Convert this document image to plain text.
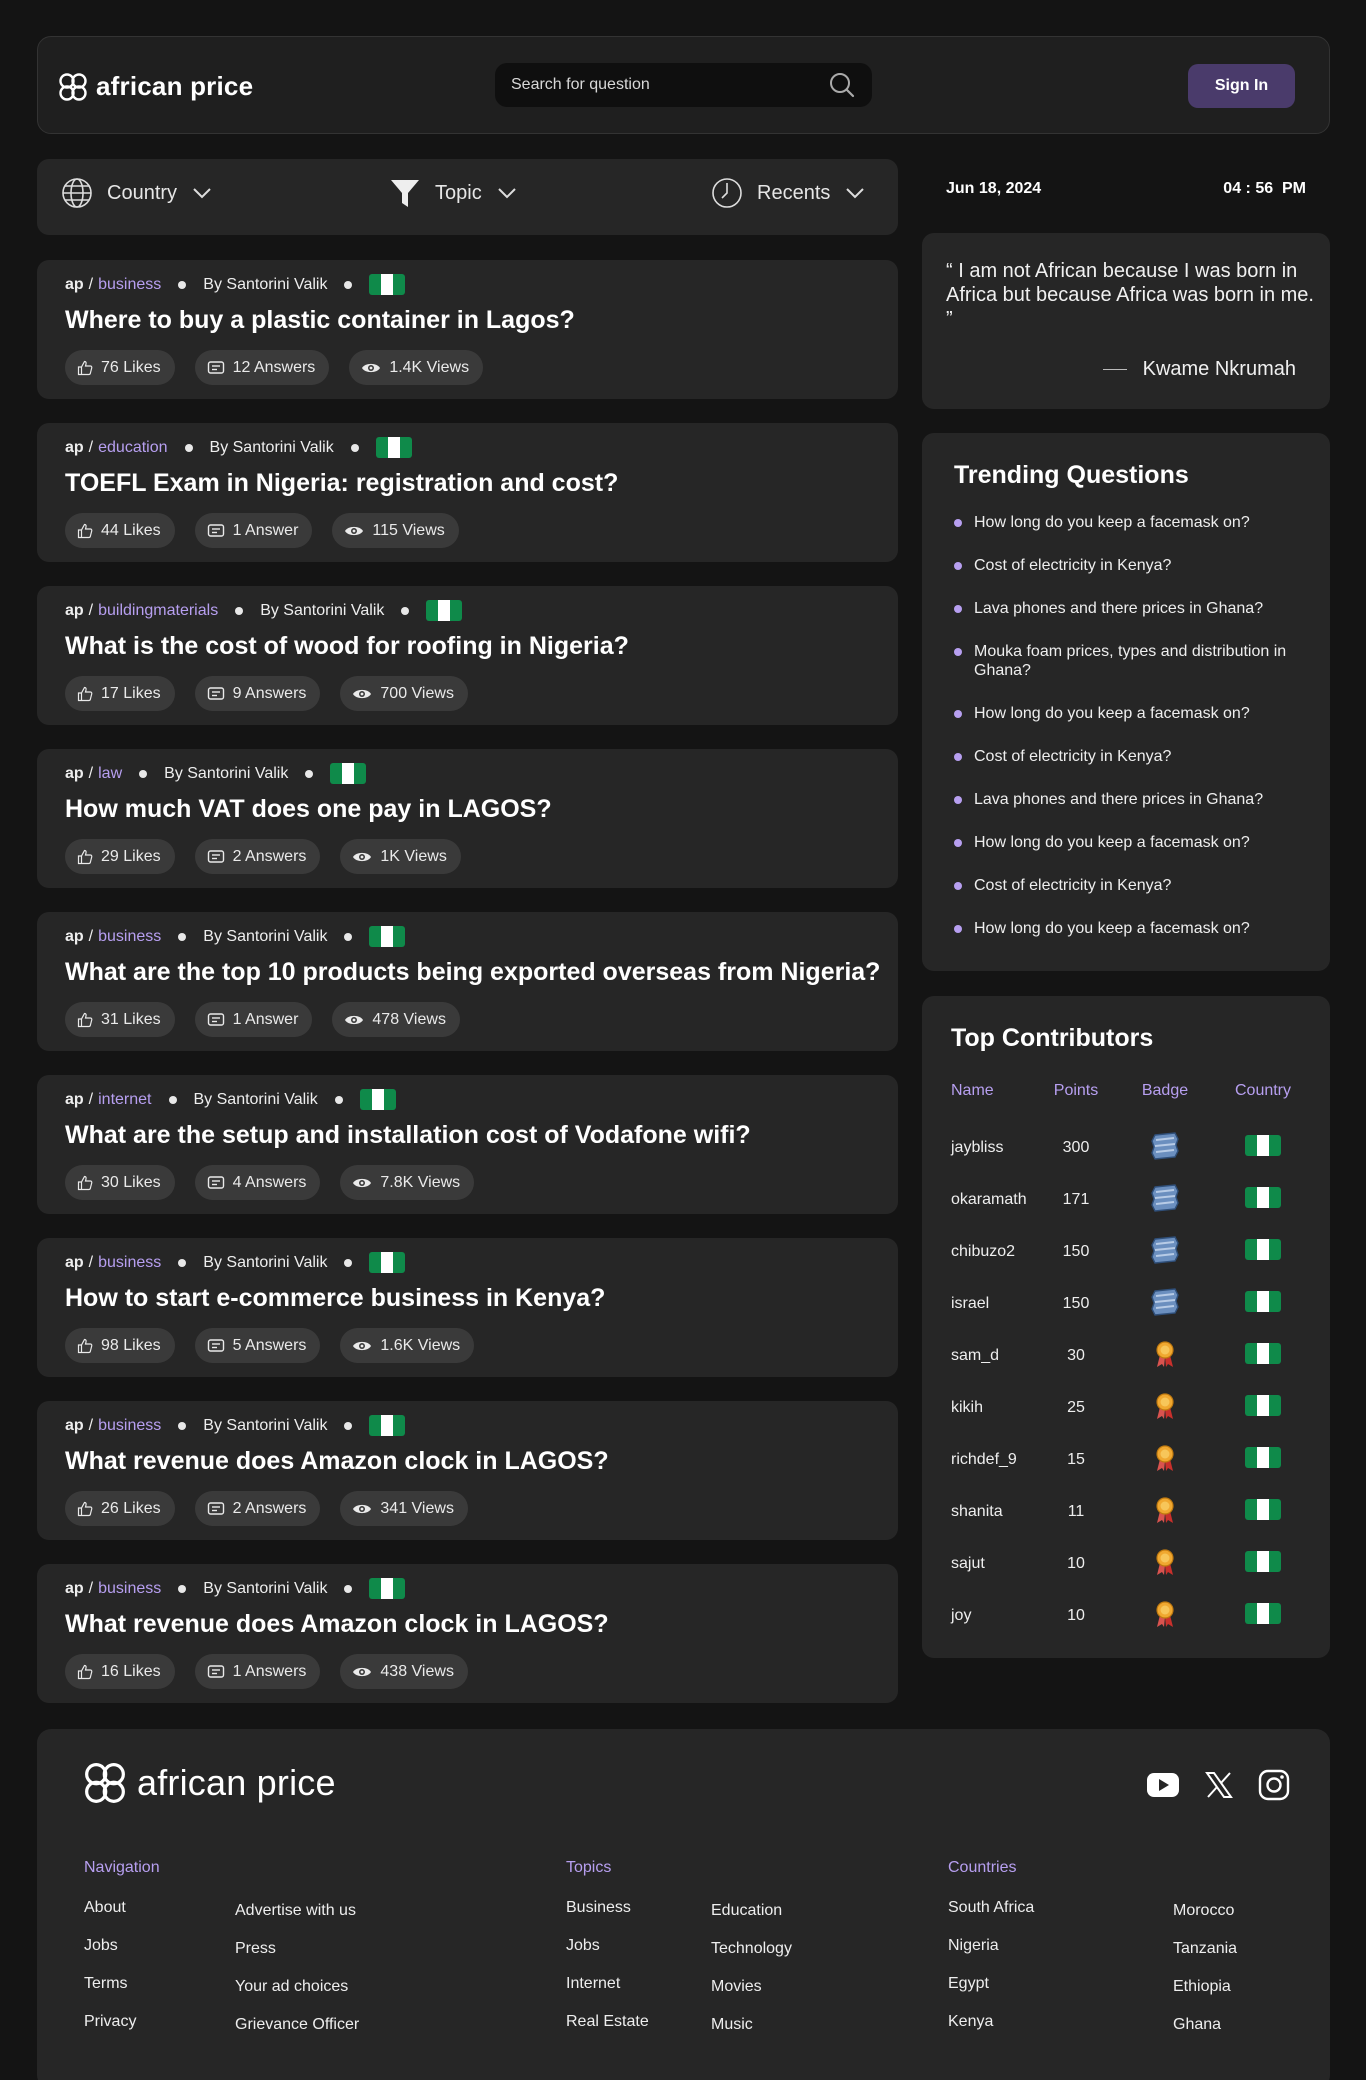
african price	Search for question	Sign In
Country	Topic	Recents
ap / business	By Santorini Valik
Where to buy a plastic container in Lagos?
76 Likes	12 Answers	1.4K Views
ap / education	By Santorini Valik
TOEFL Exam in Nigeria: registration and cost?
44 Likes	1 Answer	115 Views
ap / buildingmaterials	By Santorini Valik
What is the cost of wood for roofing in Nigeria?
17 Likes	9 Answers	700 Views
ap / law	By Santorini Valik
How much VAT does one pay in LAGOS?
29 Likes	2 Answers	1K Views
ap / business	By Santorini Valik
What are the top 10 products being exported overseas from Nigeria?
31 Likes	1 Answer	478 Views
ap / internet	By Santorini Valik
What are the setup and installation cost of Vodafone wifi?
30 Likes	4 Answers	7.8K Views
ap / business	By Santorini Valik
How to start e-commerce business in Kenya?
98 Likes	5 Answers	1.6K Views
ap / business	By Santorini Valik
What revenue does Amazon clock in LAGOS?
26 Likes	2 Answers	341 Views
ap / business	By Santorini Valik
What revenue does Amazon clock in LAGOS?
16 Likes	1 Answers	438 Views
Jun 18, 2024	04 : 56  PM
“ I am not African because I was born in Africa but because Africa was born in me. ”
Kwame Nkrumah
Trending Questions
How long do you keep a facemask on?
Cost of electricity in Kenya?
Lava phones and there prices in Ghana?
Mouka foam prices, types and distribution in Ghana?
How long do you keep a facemask on?
Cost of electricity in Kenya?
Lava phones and there prices in Ghana?
How long do you keep a facemask on?
Cost of electricity in Kenya?
How long do you keep a facemask on?
Top Contributors
Name	Points	Badge	Country
jaybliss	300		

okaramath	171		

chibuzo2	150		

israel	150		

sam_d	30		

kikih	25		

richdef_9	15		

shanita	11		

sajut	10		

joy	10		
african price
Navigation
About
Jobs
Terms
Privacy
Advertise with us
Press
Your ad choices
Grievance Officer
Topics
Business
Jobs
Internet
Real Estate
Education
Technology
Movies
Music
Countries
South Africa
Nigeria
Egypt
Kenya
Morocco
Tanzania
Ethiopia
Ghana
